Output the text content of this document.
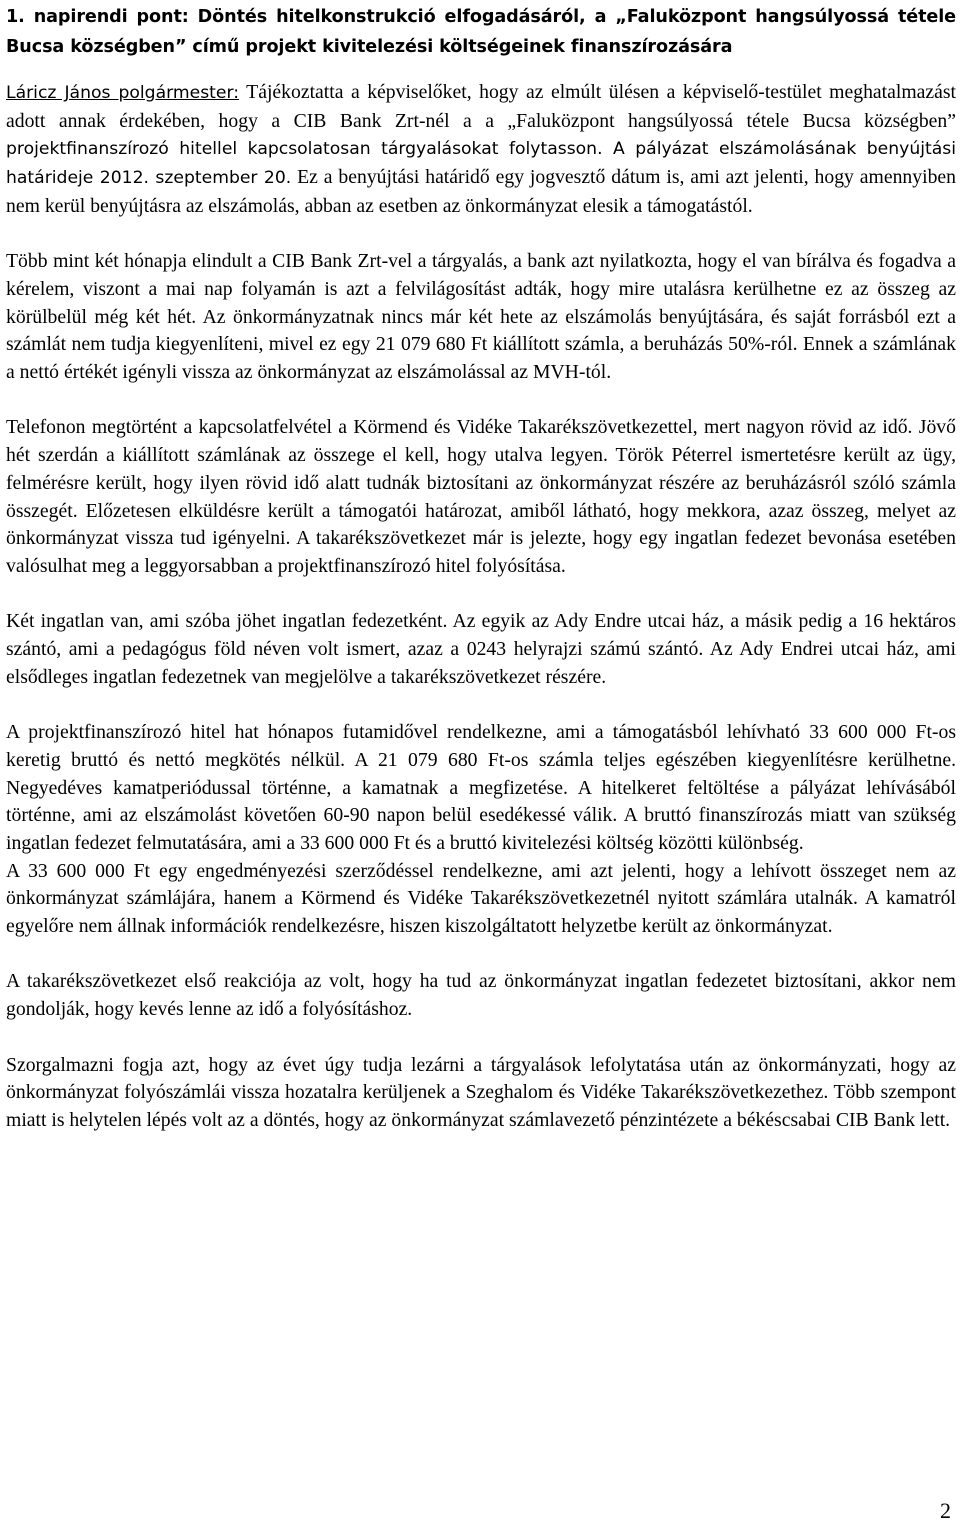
1. napirendi pont: Döntés hitelkonstrukció elfogadásáról, a „Faluközpont hangsúlyossá tétele Bucsa községben” című projekt kivitelezési költségeinek finanszírozására

Láricz János polgármester: Tájékoztatta a képviselőket, hogy az elmúlt ülésen a képviselő-testület meghatalmazást adott annak érdekében, hogy a CIB Bank Zrt-nél a a „Faluközpont hangsúlyossá tétele Bucsa községben” projektfinanszírozó hitellel kapcsolatosan tárgyalásokat folytasson. A pályázat elszámolásának benyújtási határideje 2012. szeptember 20. Ez a benyújtási határidő egy jogvesztő dátum is, ami azt jelenti, hogy amennyiben nem kerül benyújtásra az elszámolás, abban az esetben az önkormányzat elesik a támogatástól.

Több mint két hónapja elindult a CIB Bank Zrt-vel a tárgyalás, a bank azt nyilatkozta, hogy el van bírálva és fogadva a kérelem, viszont a mai nap folyamán is azt a felvilágosítást adták, hogy mire utalásra kerülhetne ez az összeg az körülbelül még két hét. Az önkormányzatnak nincs már két hete az elszámolás benyújtására, és saját forrásból ezt a számlát nem tudja kiegyenlíteni, mivel ez egy 21 079 680 Ft kiállított számla, a beruházás 50%-ról. Ennek a számlának a nettó értékét igényli vissza az önkormányzat az elszámolással az MVH-tól.

Telefonon megtörtént a kapcsolatfelvétel a Körmend és Vidéke Takarékszövetkezettel, mert nagyon rövid az idő. Jövő hét szerdán a kiállított számlának az összege el kell, hogy utalva legyen. Török Péterrel ismertetésre került az ügy, felmérésre került, hogy ilyen rövid idő alatt tudnák biztosítani az önkormányzat részére az beruházásról szóló számla összegét. Előzetesen elküldésre került a támogatói határozat, amiből látható, hogy mekkora, azaz összeg, melyet az önkormányzat vissza tud igényelni. A takarékszövetkezet már is jelezte, hogy egy ingatlan fedezet bevonása esetében valósulhat meg a leggyorsabban a projektfinanszírozó hitel folyósítása.

Két ingatlan van, ami szóba jöhet ingatlan fedezetként. Az egyik az Ady Endre utcai ház, a másik pedig a 16 hektáros szántó, ami a pedagógus föld néven volt ismert, azaz a 0243 helyrajzi számú szántó. Az Ady Endrei utcai ház, ami elsődleges ingatlan fedezetnek van megjelölve a takarékszövetkezet részére.

A projektfinanszírozó hitel hat hónapos futamidővel rendelkezne, ami a támogatásból lehívható 33 600 000 Ft-os keretig bruttó és nettó megkötés nélkül. A 21 079 680 Ft-os számla teljes egészében kiegyenlítésre kerülhetne. Negyedéves kamatperiódussal történne, a kamatnak a megfizetése. A hitelkeret feltöltése a pályázat lehívásából történne, ami az elszámolást követően 60-90 napon belül esedékessé válik. A bruttó finanszírozás miatt van szükség ingatlan fedezet felmutatására, ami a 33 600 000 Ft és a bruttó kivitelezési költség közötti különbség.

A 33 600 000 Ft egy engedményezési szerződéssel rendelkezne, ami azt jelenti, hogy a lehívott összeget nem az önkormányzat számlájára, hanem a Körmend és Vidéke Takarékszövetkezetnél nyitott számlára utalnák. A kamatról egyelőre nem állnak információk rendelkezésre, hiszen kiszolgáltatott helyzetbe került az önkormányzat.

A takarékszövetkezet első reakciója az volt, hogy ha tud az önkormányzat ingatlan fedezetet biztosítani, akkor nem gondolják, hogy kevés lenne az idő a folyósításhoz.

Szorgalmazni fogja azt, hogy az évet úgy tudja lezárni a tárgyalások lefolytatása után az önkormányzati, hogy az önkormányzat folyószámlái vissza hozatalra kerüljenek a Szeghalom és Vidéke Takarékszövetkezethez. Több szempont miatt is helytelen lépés volt az a döntés, hogy az önkormányzat számlavezető pénzintézete a békéscsabai CIB Bank lett.

2
